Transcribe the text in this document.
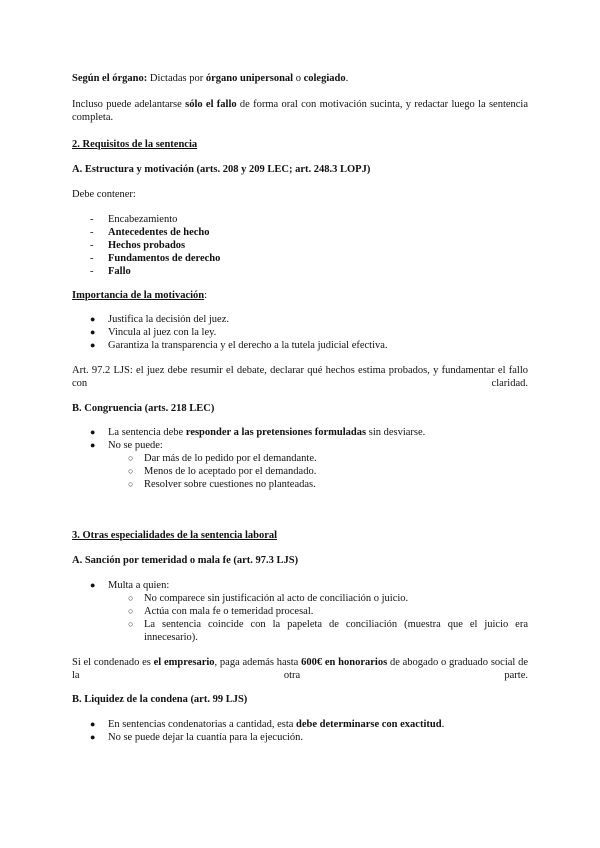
Según el órgano: Dictadas por órgano unipersonal o colegiado.

Incluso puede adelantarse sólo el fallo de forma oral con motivación sucinta, y redactar luego la sentencia completa.

2. Requisitos de la sentencia

A. Estructura y motivación (arts. 208 y 209 LEC; art. 248.3 LOPJ)

Debe contener:

-	Encabezamiento
-	Antecedentes de hecho
-	Hechos probados
-	Fundamentos de derecho
-	Fallo

Importancia de la motivación:

●	Justifica la decisión del juez.
●	Vincula al juez con la ley.
●	Garantiza la transparencia y el derecho a la tutela judicial efectiva.

Art. 97.2 LJS: el juez debe resumir el debate, declarar qué hechos estima probados, y fundamentar el fallo con claridad.

B. Congruencia (arts. 218 LEC)

●	La sentencia debe responder a las pretensiones formuladas sin desviarse.
●	No se puede:
○	Dar más de lo pedido por el demandante.
○	Menos de lo aceptado por el demandado.
○	Resolver sobre cuestiones no planteadas.

3. Otras especialidades de la sentencia laboral

A. Sanción por temeridad o mala fe (art. 97.3 LJS)

●	Multa a quien:
○	No comparece sin justificación al acto de conciliación o juicio.
○	Actúa con mala fe o temeridad procesal.
○	La sentencia coincide con la papeleta de conciliación (muestra que el juicio era innecesario).

Si el condenado es el empresario, paga además hasta 600€ en honorarios de abogado o graduado social de la otra parte.

B. Liquidez de la condena (art. 99 LJS)

●	En sentencias condenatorias a cantidad, esta debe determinarse con exactitud.
●	No se puede dejar la cuantía para la ejecución.
